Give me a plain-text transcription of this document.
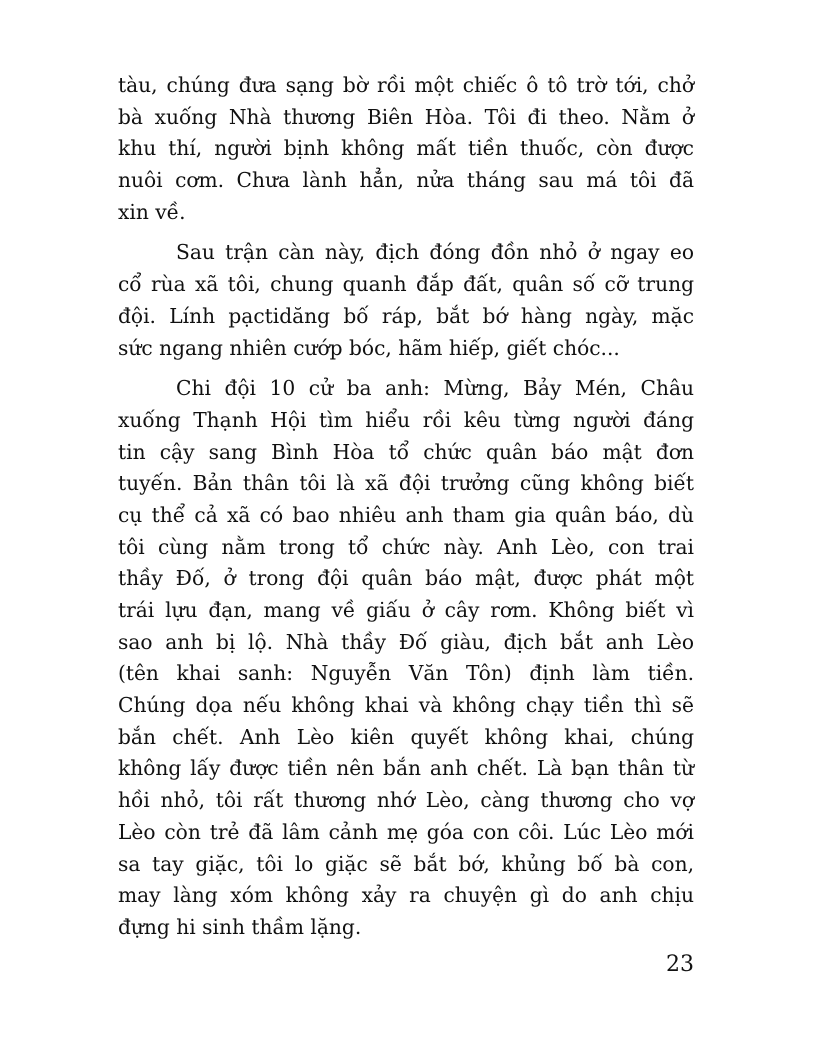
tàu, chúng đưa sạng bờ rồi một chiếc ô tô trờ tới, chở
bà xuống Nhà thương Biên Hòa. Tôi đi theo. Nằm ở
khu thí, người bịnh không mất tiền thuốc, còn được
nuôi cơm. Chưa lành hẳn, nửa tháng sau má tôi đã
xin về.
Sau trận càn này, địch đóng đồn nhỏ ở ngay eo
cổ rùa xã tôi, chung quanh đắp đất, quân số cỡ trung
đội. Lính pạctidăng bố ráp, bắt bớ hàng ngày, mặc
sức ngang nhiên cướp bóc, hãm hiếp, giết chóc...
Chi đội 10 cử ba anh: Mừng, Bảy Mén, Châu
xuống Thạnh Hội tìm hiểu rồi kêu từng người đáng
tin cậy sang Bình Hòa tổ chức quân báo mật đơn
tuyến. Bản thân tôi là xã đội trưởng cũng không biết
cụ thể cả xã có bao nhiêu anh tham gia quân báo, dù
tôi cùng nằm trong tổ chức này. Anh Lèo, con trai
thầy Đố, ở trong đội quân báo mật, được phát một
trái lựu đạn, mang về giấu ở cây rơm. Không biết vì
sao anh bị lộ. Nhà thầy Đố giàu, địch bắt anh Lèo
(tên khai sanh: Nguyễn Văn Tôn) định làm tiền.
Chúng dọa nếu không khai và không chạy tiền thì sẽ
bắn chết. Anh Lèo kiên quyết không khai, chúng
không lấy được tiền nên bắn anh chết. Là bạn thân từ
hồi nhỏ, tôi rất thương nhớ Lèo, càng thương cho vợ
Lèo còn trẻ đã lâm cảnh mẹ góa con côi. Lúc Lèo mới
sa tay giặc, tôi lo giặc sẽ bắt bớ, khủng bố bà con,
may làng xóm không xảy ra chuyện gì do anh chịu
đựng hi sinh thầm lặng.
23
